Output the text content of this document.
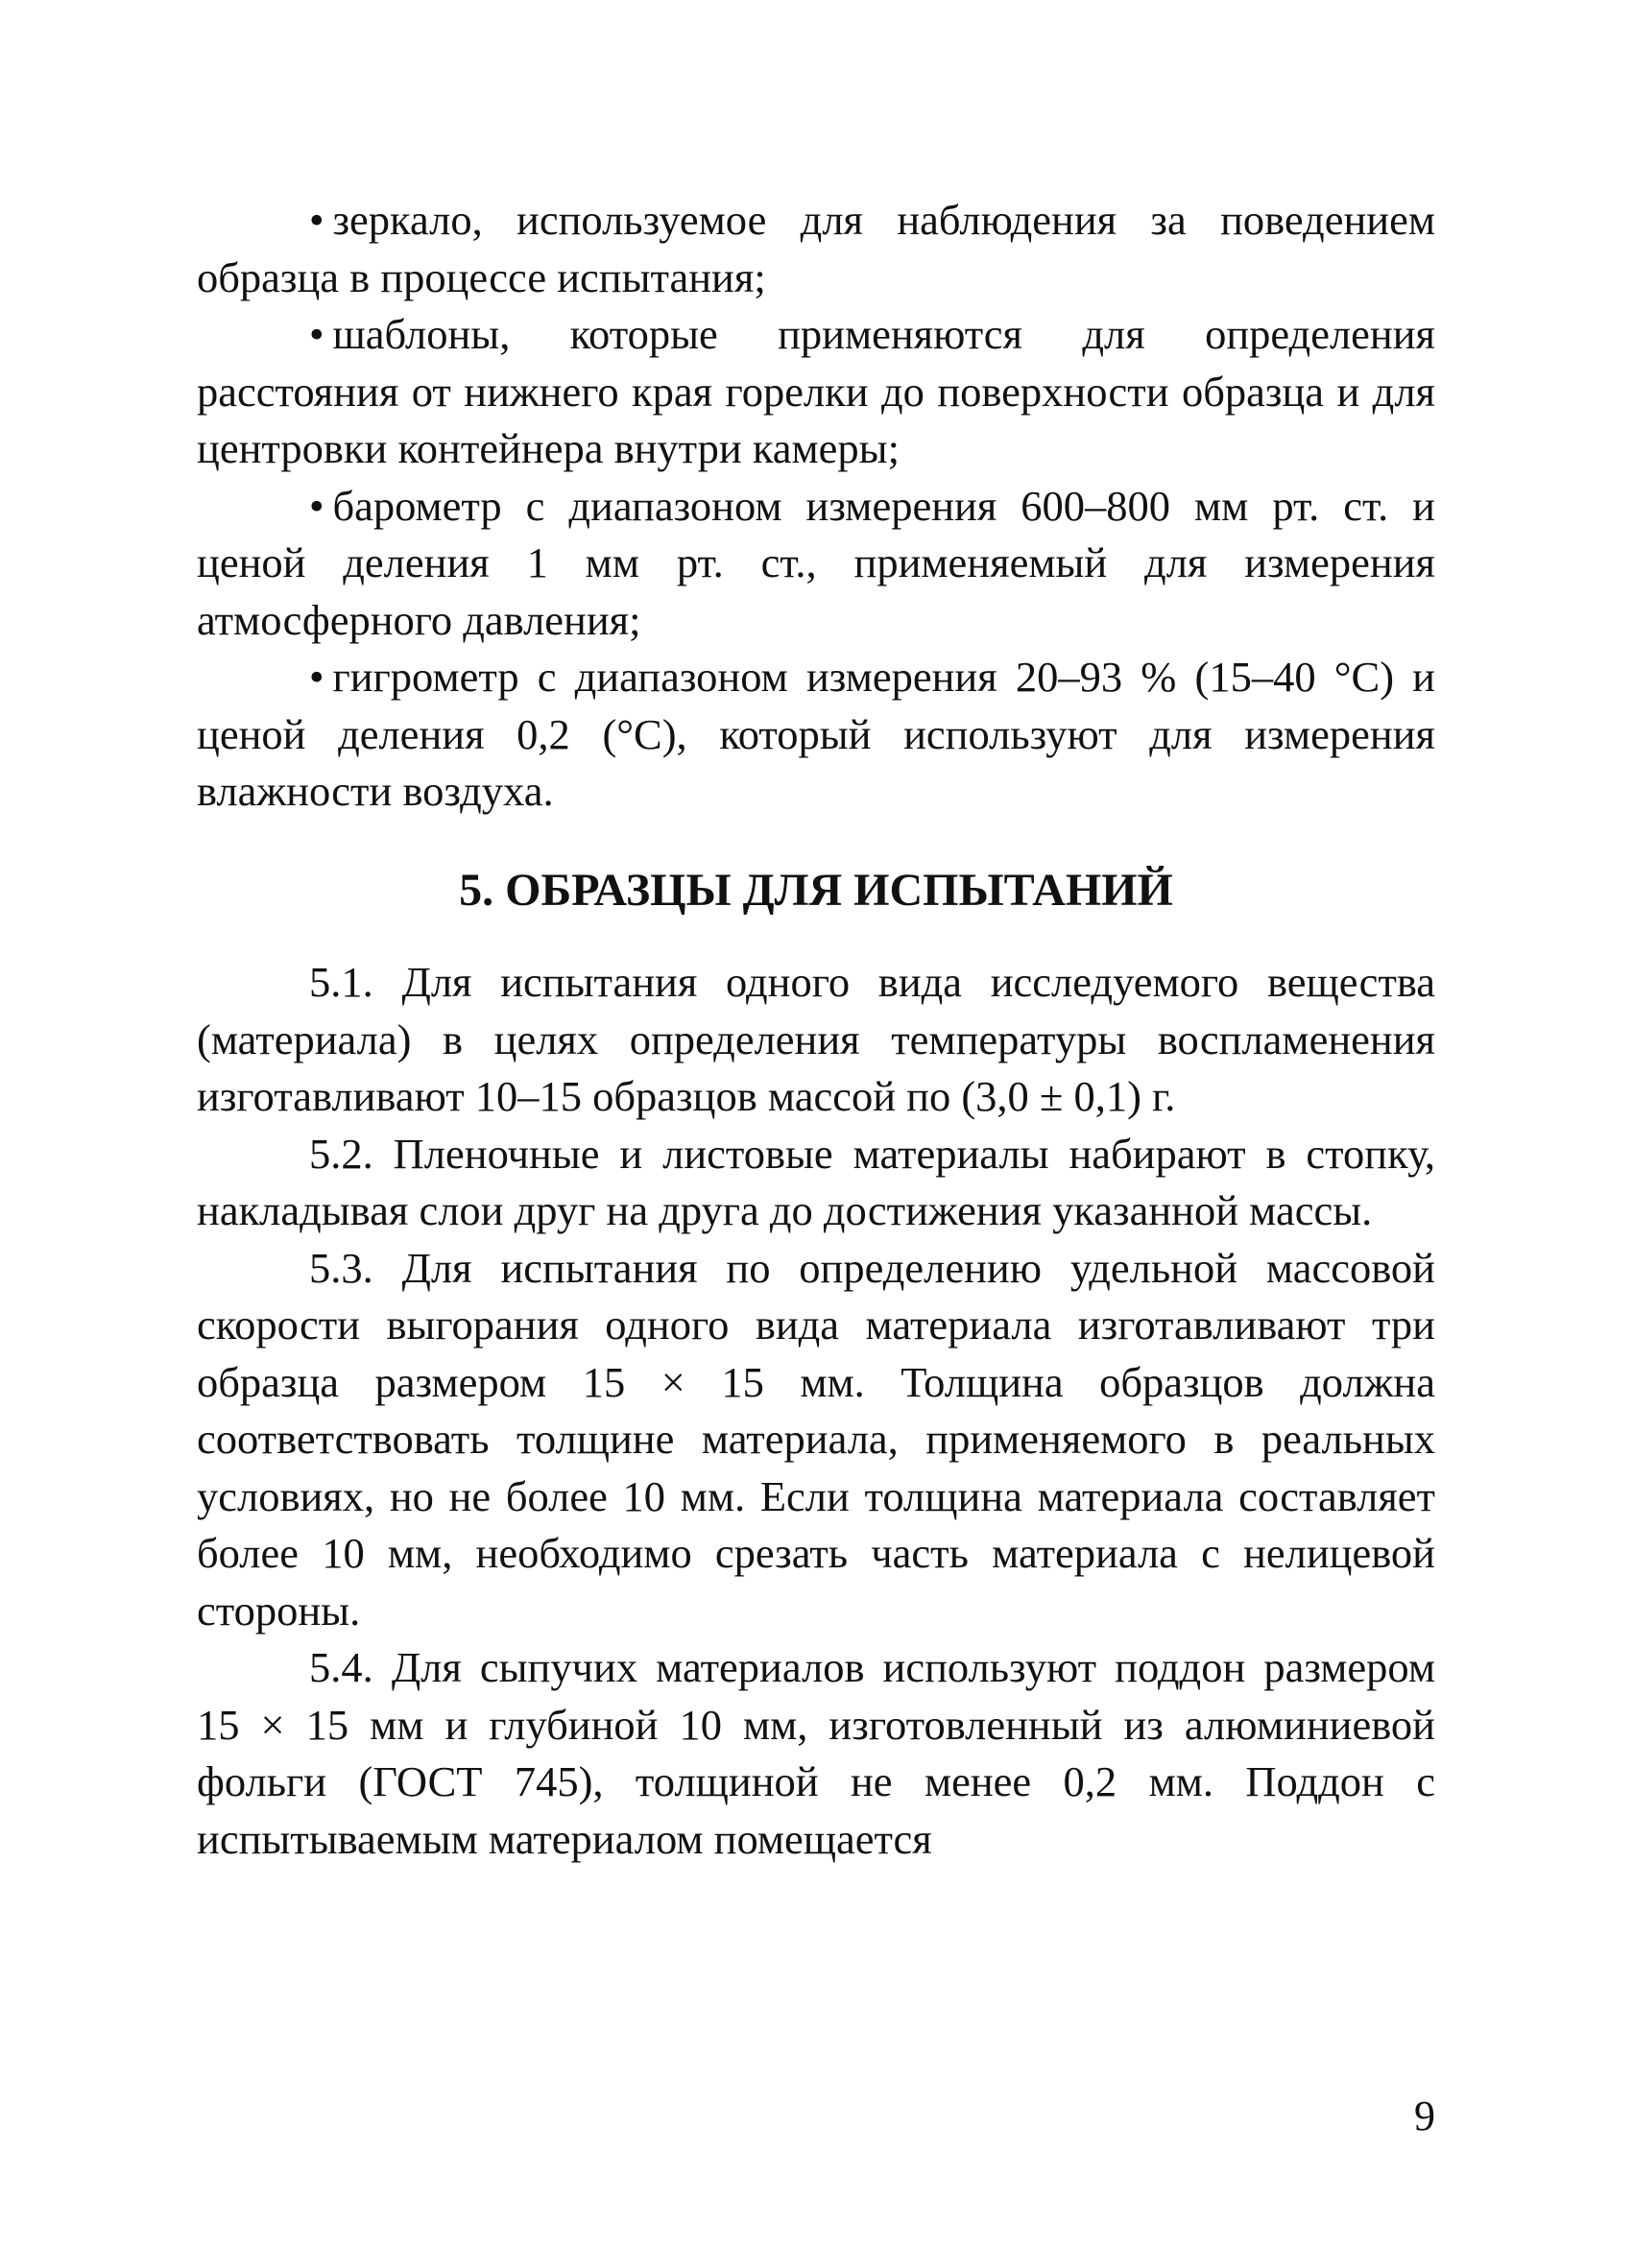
• зеркало, используемое для наблюдения за поведением образца в процессе испытания;

• шаблоны, которые применяются для определения расстояния от нижнего края горелки до поверхности образца и для центровки контейнера внутри камеры;

• барометр с диапазоном измерения 600–800 мм рт. ст. и ценой деления 1 мм рт. ст., применяемый для измерения атмосферного давления;

• гигрометр с диапазоном измерения 20–93 % (15–40 °С) и ценой деления 0,2 (°С), который используют для измерения влажности воздуха.

5. ОБРАЗЦЫ ДЛЯ ИСПЫТАНИЙ

5.1. Для испытания одного вида исследуемого вещества (материала) в целях определения температуры воспламенения изготавливают 10–15 образцов массой по (3,0 ± 0,1) г.

5.2. Пленочные и листовые материалы набирают в стопку, накладывая слои друг на друга до достижения указанной массы.

5.3. Для испытания по определению удельной массовой скорости выгорания одного вида материала изготавливают три образца размером 15 × 15 мм. Толщина образцов должна соответствовать толщине материала, применяемого в реальных условиях, но не более 10 мм. Если толщина материала составляет более 10 мм, необходимо срезать часть материала с нелицевой стороны.

5.4. Для сыпучих материалов используют поддон размером 15 × 15 мм и глубиной 10 мм, изготовленный из алюминиевой фольги (ГОСТ 745), толщиной не менее 0,2 мм. Поддон с испытываемым материалом помещается

9
